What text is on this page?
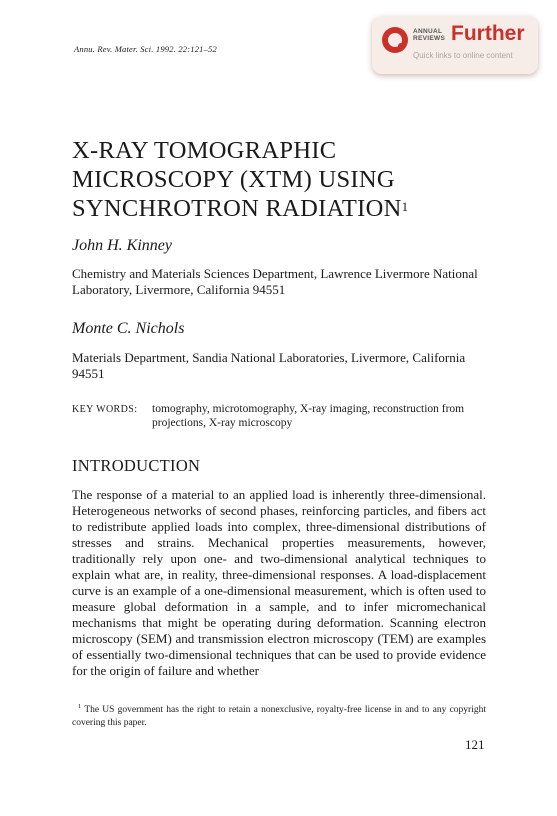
Annu. Rev. Mater. Sci. 1992. 22:121–52
ANNUAL
REVIEWS Further
Quick links to online content
X-RAY TOMOGRAPHIC MICROSCOPY (XTM) USING SYNCHROTRON RADIATION$^1$
John H. Kinney
Chemistry and Materials Sciences Department, Lawrence Livermore National Laboratory, Livermore, California 94551
Monte C. Nichols
Materials Department, Sandia National Laboratories, Livermore, California 94551
KEY WORDS: tomography, microtomography, X-ray imaging, reconstruction from projections, X-ray microscopy
INTRODUCTION
The response of a material to an applied load is inherently three-dimensional. Heterogeneous networks of second phases, reinforcing particles, and fibers act to redistribute applied loads into complex, three-dimensional distributions of stresses and strains. Mechanical properties measurements, however, traditionally rely upon one- and two-dimensional analytical techniques to explain what are, in reality, three-dimensional responses. A load-displacement curve is an example of a one-dimensional measurement, which is often used to measure global deformation in a sample, and to infer micromechanical mechanisms that might be operating during deformation. Scanning electron microscopy (SEM) and transmission electron microscopy (TEM) are examples of essentially two-dimensional techniques that can be used to provide evidence for the origin of failure and whether
$^1$ The US government has the right to retain a nonexclusive, royalty-free license in and to any copyright covering this paper.
121
